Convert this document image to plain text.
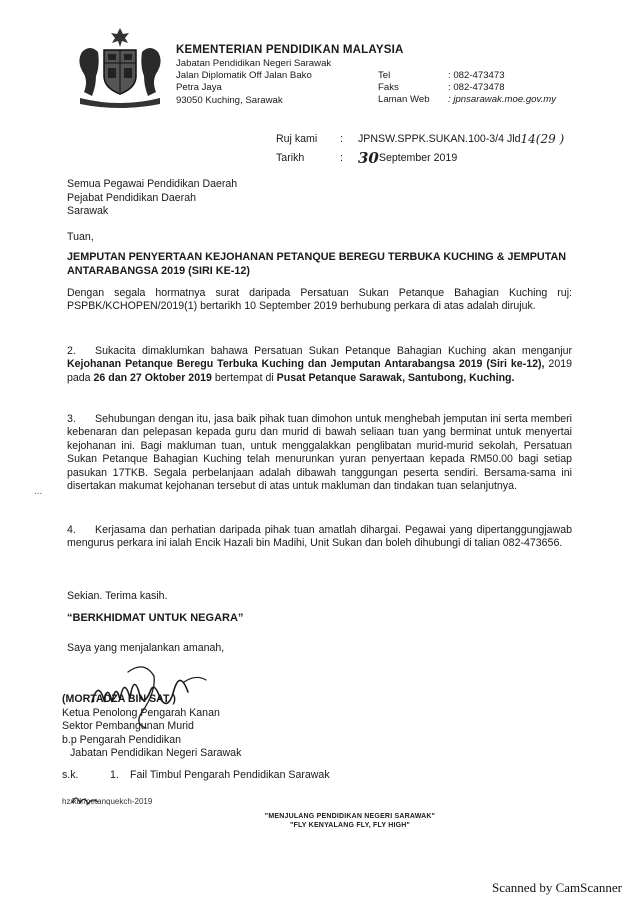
KEMENTERIAN PENDIDIKAN MALAYSIA
Jabatan Pendidikan Negeri Sarawak
Jalan Diplomatik Off Jalan Bako
Petra Jaya
93050 Kuching, Sarawak
Tel	: 082-473473
Faks	: 082-473478
Laman Web	: jpnsarawak.moe.gov.my
Ruj kami	:	JPNSW.SPPK.SUKAN.100-3/4 Jld 14(29 )
Tarikh	:	30 September 2019
Semua Pegawai Pendidikan Daerah
Pejabat Pendidikan Daerah
Sarawak
Tuan,
JEMPUTAN PENYERTAAN KEJOHANAN PETANQUE BEREGU TERBUKA KUCHING & JEMPUTAN ANTARABANGSA 2019 (SIRI KE-12)
Dengan segala hormatnya surat daripada Persatuan Sukan Petanque Bahagian Kuching ruj: PSPBK/KCHOPEN/2019(1) bertarikh 10 September 2019 berhubung perkara di atas adalah dirujuk.
2. Sukacita dimaklumkan bahawa Persatuan Sukan Petanque Bahagian Kuching akan menganjur Kejohanan Petanque Beregu Terbuka Kuching dan Jemputan Antarabangsa 2019 (Siri ke-12), 2019 pada 26 dan 27 Oktober 2019 bertempat di Pusat Petanque Sarawak, Santubong, Kuching.
3. Sehubungan dengan itu, jasa baik pihak tuan dimohon untuk menghebah jemputan ini serta memberi kebenaran dan pelepasan kepada guru dan murid di bawah seliaan tuan yang berminat untuk menyertai kejohanan ini. Bagi makluman tuan, untuk menggalakkan penglibatan murid-murid sekolah, Persatuan Sukan Petanque Bahagian Kuching telah menurunkan yuran penyertaan kepada RM50.00 bagi setiap pasukan 17TKB. Segala perbelanjaan adalah dibawah tanggungan peserta sendiri. Bersama-sama ini disertakan makumat kejohanan tersebut di atas untuk makluman dan tindakan tuan selanjutnya.
...
4. Kerjasama dan perhatian daripada pihak tuan amatlah dihargai. Pegawai yang dipertanggungjawab mengurus perkara ini ialah Encik Hazali bin Madihi, Unit Sukan dan boleh dihubungi di talian 082-473656.
Sekian. Terima kasih.
“BERKHIDMAT UNTUK NEGARA”
Saya yang menjalankan amanah,
(MORTADZA BIN SAT )
Ketua Penolong Pengarah Kanan
Sektor Pembangunan Murid
b.p Pengarah Pendidikan
Jabatan Pendidikan Negeri Sarawak
s.k.	1.	Fail Timbul Pengarah Pendidikan Sarawak
hz/kdr/petanquekch-2019
"MENJULANG PENDIDIKAN NEGERI SARAWAK"
"FLY KENYALANG FLY, FLY HIGH"
Scanned by CamScanner
